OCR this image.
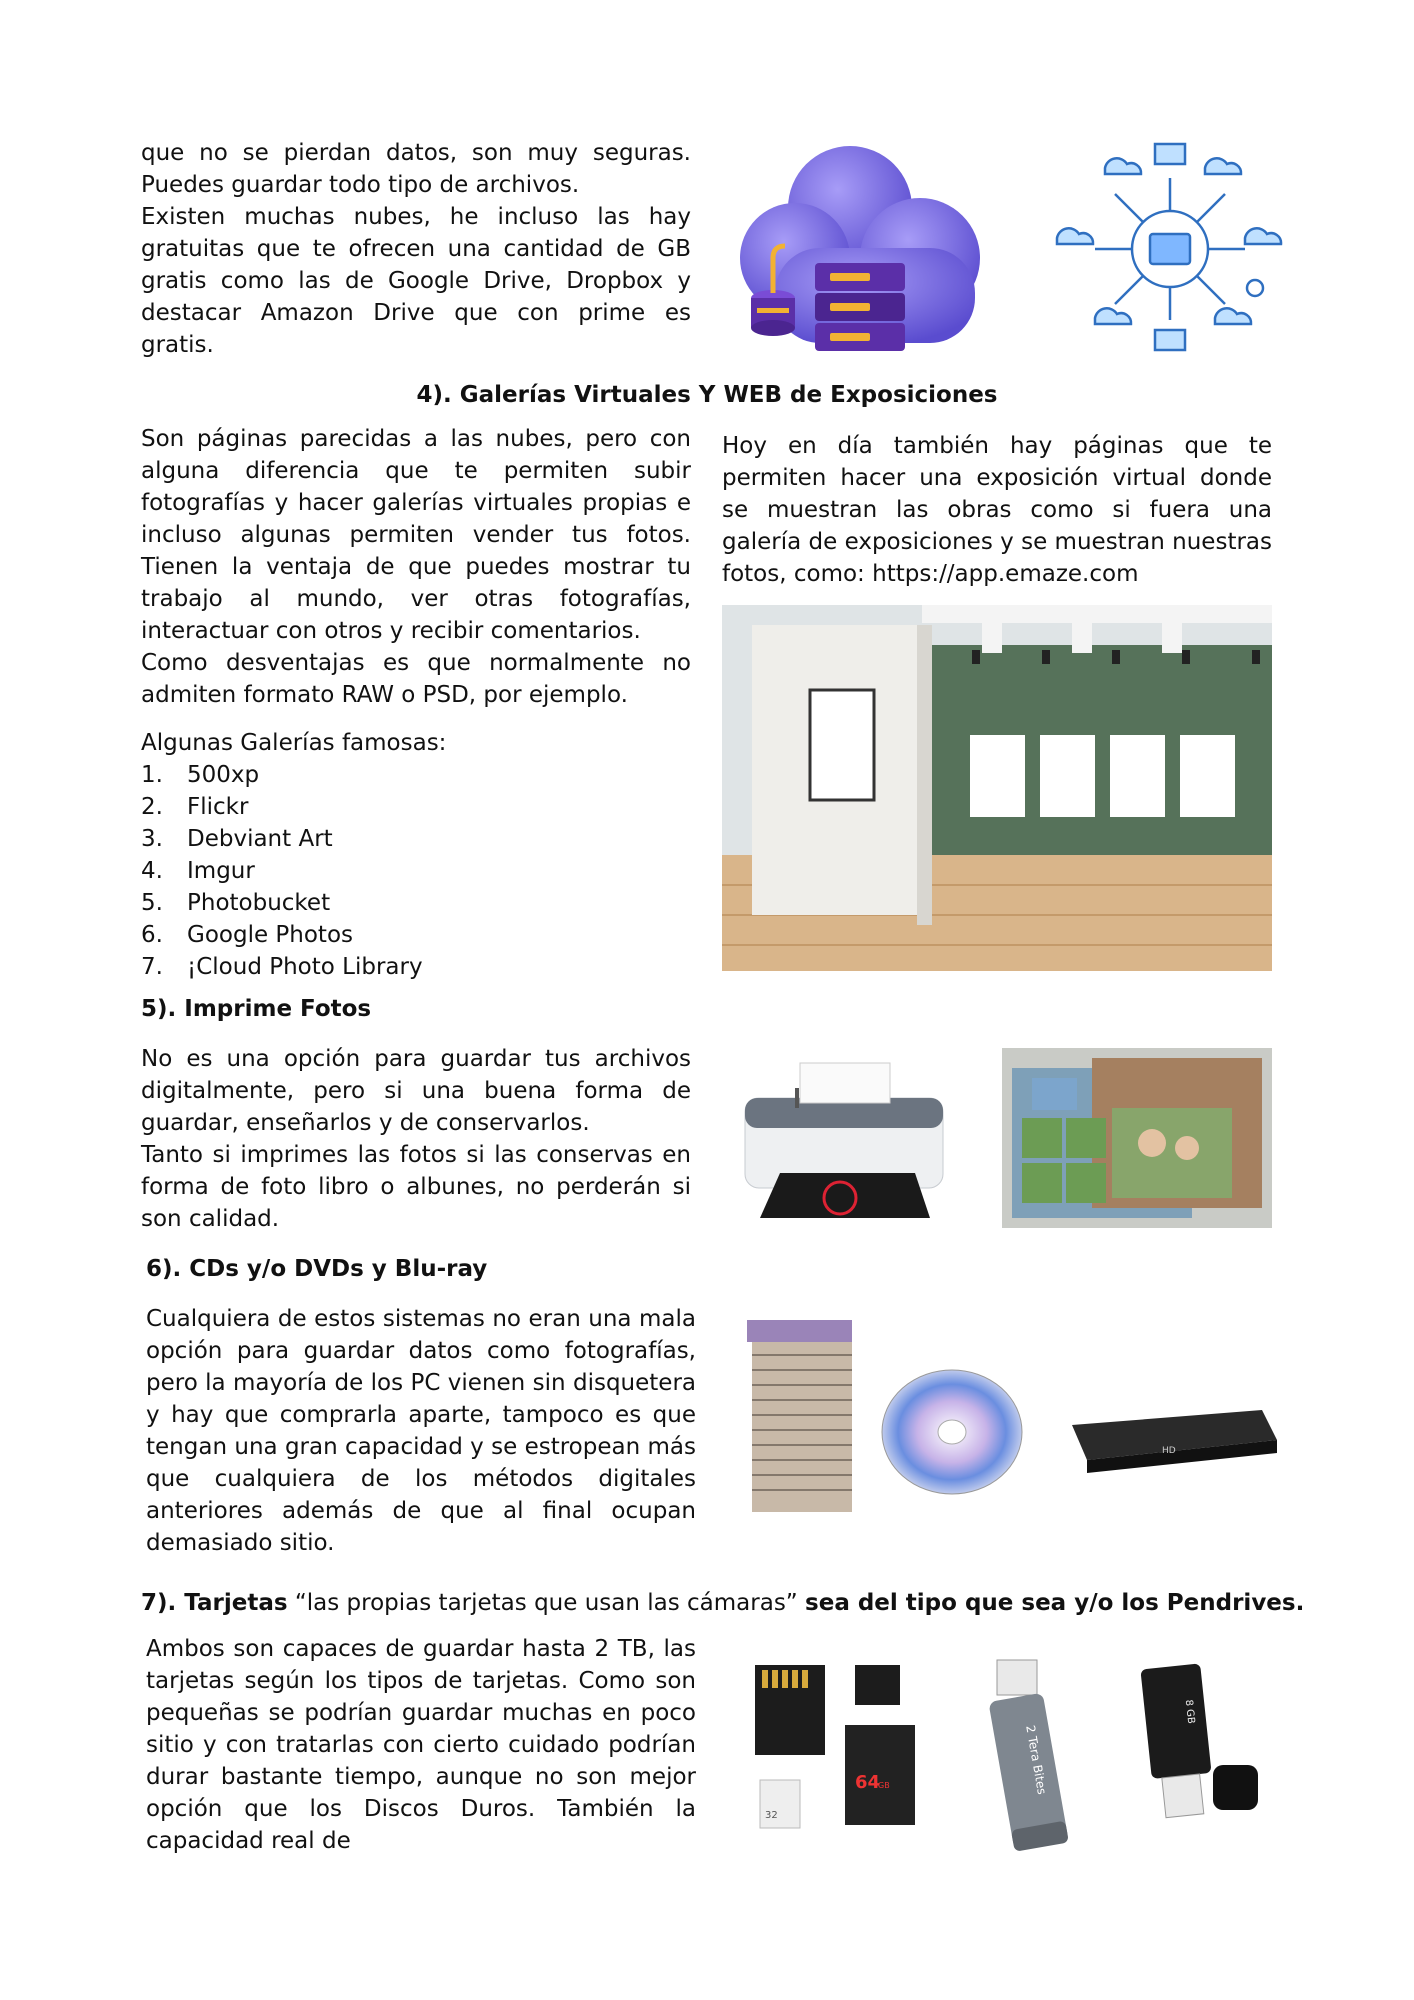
que no se pierdan datos, son muy seguras. Puedes guardar todo tipo de archivos.

Existen muchas nubes, he incluso las hay gratuitas que te ofrecen una cantidad de GB gratis como las de Google Drive, Dropbox y destacar Amazon Drive que con prime es gratis.

4). Galerías Virtuales Y WEB de Exposiciones

Son páginas parecidas a las nubes, pero con alguna diferencia que te permiten subir fotografías y hacer galerías virtuales propias e incluso algunas permiten vender tus fotos. Tienen la ventaja de que puedes mostrar tu trabajo al mundo, ver otras fotografías, interactuar con otros y recibir comentarios.

Como desventajas es que normalmente no admiten formato RAW o PSD, por ejemplo.

Algunas Galerías famosas:
1.	500xp
2.	Flickr
3.	Debviant Art
4.	Imgur
5.	Photobucket
6.	Google Photos
7.	¡Cloud Photo Library
Hoy en día también hay páginas que te permiten hacer una exposición virtual donde se muestran las obras como si fuera una galería de exposiciones y se muestran nuestras fotos, como: https://app.emaze.com
5). Imprime Fotos

No es una opción para guardar tus archivos digitalmente, pero si una buena forma de guardar, enseñarlos y de conservarlos.

Tanto si imprimes las fotos si las conservas en forma de foto libro o albunes, no perderán si son calidad.

6). CDs y/o DVDs y Blu-ray
Cualquiera de estos sistemas no eran una mala opción para guardar datos como fotografías, pero la mayoría de los PC vienen sin disquetera y hay que comprarla aparte, tampoco es que tengan una gran capacidad y se estropean más que cualquiera de los métodos digitales anteriores además de que al final ocupan demasiado sitio.
HD
7). Tarjetas “las propias tarjetas que usan las cámaras” sea del tipo que sea y/o los Pendrives.
Ambos son capaces de guardar hasta 2 TB, las tarjetas según los tipos de tarjetas. Como son pequeñas se podrían guardar muchas en poco sitio y con tratarlas con cierto cuidado podrían durar bastante tiempo, aunque no son mejor opción que los Discos Duros. También la capacidad real de
64
GB
32
2 Tera Bites
8 GB
